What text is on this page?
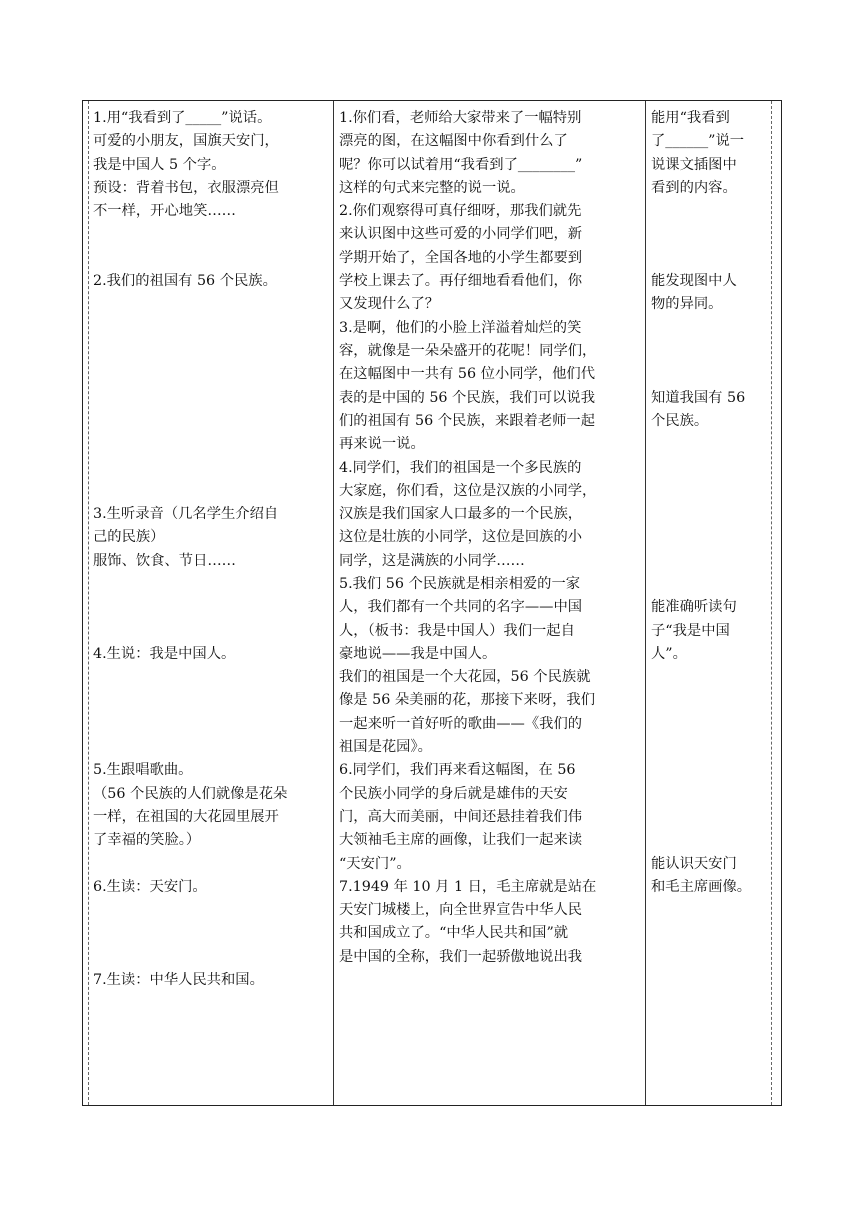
1.用“我看到了_____”说话。
可爱的小朋友，国旗天安门，
我是中国人 5 个字。
预设：背着书包，衣服漂亮但
不一样，开心地笑……
2.我们的祖国有 56 个民族。
3.生听录音（几名学生介绍自
己的民族）
服饰、饮食、节日……
4.生说：我是中国人。
5.生跟唱歌曲。
（56 个民族的人们就像是花朵
一样，在祖国的大花园里展开
了幸福的笑脸。）
6.生读：天安门。
7.生读：中华人民共和国。
1.你们看，老师给大家带来了一幅特别
漂亮的图，在这幅图中你看到什么了
呢？你可以试着用“我看到了________”
这样的句式来完整的说一说。
2.你们观察得可真仔细呀，那我们就先
来认识图中这些可爱的小同学们吧，新
学期开始了，全国各地的小学生都要到
学校上课去了。再仔细地看看他们，你
又发现什么了？
3.是啊，他们的小脸上洋溢着灿烂的笑
容，就像是一朵朵盛开的花呢！同学们，
在这幅图中一共有 56 位小同学，他们代
表的是中国的 56 个民族，我们可以说我
们的祖国有 56 个民族，来跟着老师一起
再来说一说。
4.同学们，我们的祖国是一个多民族的
大家庭，你们看，这位是汉族的小同学，
汉族是我们国家人口最多的一个民族，
这位是壮族的小同学，这位是回族的小
同学，这是满族的小同学……
5.我们 56 个民族就是相亲相爱的一家
人，我们都有一个共同的名字——中国
人，（板书：我是中国人）我们一起自
豪地说——我是中国人。
我们的祖国是一个大花园，56 个民族就
像是 56 朵美丽的花，那接下来呀，我们
一起来听一首好听的歌曲——《我们的
祖国是花园》。
6.同学们，我们再来看这幅图，在 56
个民族小同学的身后就是雄伟的天安
门，高大而美丽，中间还悬挂着我们伟
大领袖毛主席的画像，让我们一起来读
“天安门”。
7.1949 年 10 月 1 日，毛主席就是站在
天安门城楼上，向全世界宣告中华人民
共和国成立了。“中华人民共和国”就
是中国的全称，我们一起骄傲地说出我
能用“我看到
了______”说一
说课文插图中
看到的内容。
能发现图中人
物的异同。
知道我国有 56
个民族。
能准确听读句
子“我是中国
人”。
能认识天安门
和毛主席画像。
